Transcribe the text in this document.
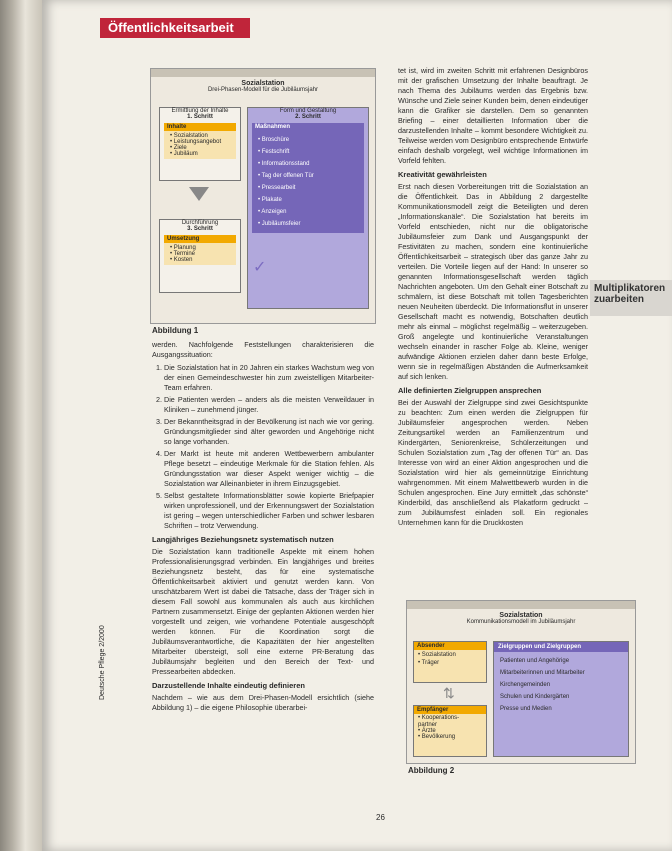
Öffentlichkeitsarbeit
Multiplikatoren zuarbeiten

Sozialstation
Drei-Phasen-Modell für die Jubiläumsjahr
Ermittlung der Inhalte
1. Schritt
Inhalte
• Sozialstation
• Leistungsangebot
• Ziele
• Jubiläum
Form und Gestaltung
2. Schritt
Maßnahmen
• Broschüre
• Festschrift
• Informationsstand
• Tag der offenen Tür
• Pressearbeit
• Plakate
• Anzeigen
• Jubiläumsfeier
Durchführung
3. Schritt
Umsetzung
• Planung
• Termine
• Kosten	✓
Abbildung 1

werden. Nachfolgende Feststellungen charakterisieren die Ausgangssituation:

1. Die Sozialstation hat in 20 Jahren ein starkes Wachstum weg von der einen Gemeindeschwester hin zum zweistelligen Mitarbeiter-Team erfahren.
2. Die Patienten werden – anders als die meisten Verweildauer in Kliniken – zunehmend jünger.
3. Der Bekanntheitsgrad in der Bevölkerung ist nach wie vor gering. Gründungsmitglieder sind älter geworden und Angehörige nicht so lange vorhanden.
4. Der Markt ist heute mit anderen Wettbewerbern ambulanter Pflege besetzt – eindeutige Merkmale für die Station fehlen. Als Gründungsstation war dieser Aspekt weniger wichtig – die Sozialstation war Alleinanbieter in ihrem Einzugsgebiet.
5. Selbst gestaltete Informationsblätter sowie kopierte Briefpapier wirken unprofessionell, und der Erkennungswert der Sozialstation ist gering – wegen unterschiedlicher Farben und schwer lesbaren Schriften – trotz Verwendung.
Langjähriges Beziehungsnetz systematisch nutzen

Die Sozialstation kann traditionelle Aspekte mit einem hohen Professionalisierungsgrad verbinden. Ein langjähriges und breites Beziehungsnetz besteht, das für eine systematische Öffentlichkeitsarbeit aktiviert und genutzt werden kann. Von unschätzbarem Wert ist dabei die Tatsache, dass der Träger sich in diesem Fall sowohl aus kommunalen als auch aus kirchlichen Partnern zusammensetzt. Einige der geplanten Aktionen werden hier vorgestellt und zeigen, wie vorhandene Potentiale ausgeschöpft werden können. Für die Koordination sorgt die Jubiläumsverantwortliche, die Kapazitäten der hier angestellten Mitarbeiter übersteigt, soll eine externe PR-Beratung das Jubiläumsjahr begleiten und den Bereich der Text- und Pressearbeiten abdecken.

Darzustellende Inhalte eindeutig definieren

Nachdem – wie aus dem Drei-Phasen-Modell ersichtlich (siehe Abbildung 1) – die eigene Philosophie überarbei-

tet ist, wird im zweiten Schritt mit erfahrenen Designbüros mit der grafischen Umsetzung der Inhalte beauftragt. Je nach Thema des Jubiläums werden das Ergebnis bzw. Wünsche und Ziele seiner Kunden beim, denen eindeutiger kann die Grafiker sie darstellen. Dem so genannten Briefing – einer detaillierten Information über die darzustellenden Inhalte – kommt besondere Wichtigkeit zu. Teilweise werden vom Designbüro entsprechende Entwürfe einfach deshalb vorgelegt, weil wichtige Informationen im Vorfeld fehlten.

Kreativität gewährleisten

Erst nach diesen Vorbereitungen tritt die Sozialstation an die Öffentlichkeit. Das in Abbildung 2 dargestellte Kommunikationsmodell zeigt die Beteiligten und deren „Informationskanäle“. Die Sozialstation hat bereits im Vorfeld entschieden, nicht nur die obligatorische Jubiläumsfeier zum Dank und Ausgangspunkt der Festivitäten zu machen, sondern eine kontinuierliche Öffentlichkeitsarbeit – strategisch über das ganze Jahr zu verteilen. Die Vorteile liegen auf der Hand: In unserer so genannten Informationsgesellschaft werden täglich Nachrichten angeboten. Um den Gehalt einer Botschaft zu schmälern, ist diese Botschaft mit tollen Tagesberichten neuen Neuheiten überdeckt. Die Informationsflut in unserer Gesellschaft macht es notwendig, Botschaften deutlich mehr als einmal – möglichst regelmäßig – weiterzugeben. Groß angelegte und kontinuierliche Veranstaltungen wechseln einander in rascher Folge ab. Kleine, weniger aufwändige Aktionen erzielen daher dann beste Erfolge, wenn sie in regelmäßigen Abständen die Aufmerksamkeit auf sich lenken.

Alle definierten Zielgruppen ansprechen

Bei der Auswahl der Zielgruppe sind zwei Gesichtspunkte zu beachten: Zum einen werden die Zielgruppen für Jubiläumsfeier angesprochen werden. Neben Zeitungsartikel werden an Familienzentrum und Kindergärten, Seniorenkreise, Schülerzeitungen und Schulen Sozialstation zum „Tag der offenen Tür“ an. Das Interesse von wird an einer Aktion angesprochen und die Sozialstation wird hier als gemeinnützige Einrichtung wahrgenommen. Mit einem Malwettbewerb wurden in die Schulen angesprochen. Eine Jury ermittelt „das schönste“ Kinderbild, das anschließend als Plakatform gedruckt – zum Jubiläumsfest einladen soll. Ein regionales Unternehmen kann für die Druckkosten

Sozialstation
Kommunikationsmodell im Jubiläumsjahr
Absender
• Sozialstation
• Träger
⇅
Empfänger
• Kooperations-
partner
• Ärzte
• Bevölkerung
Zielgruppen und Zielgruppen
Patienten und Angehörige
Mitarbeiterinnen und Mitarbeiter
Kirchengemeinden
Schulen und Kindergärten
Presse und Medien
Abbildung 2
Deutsche Pflege 2/2000
26
